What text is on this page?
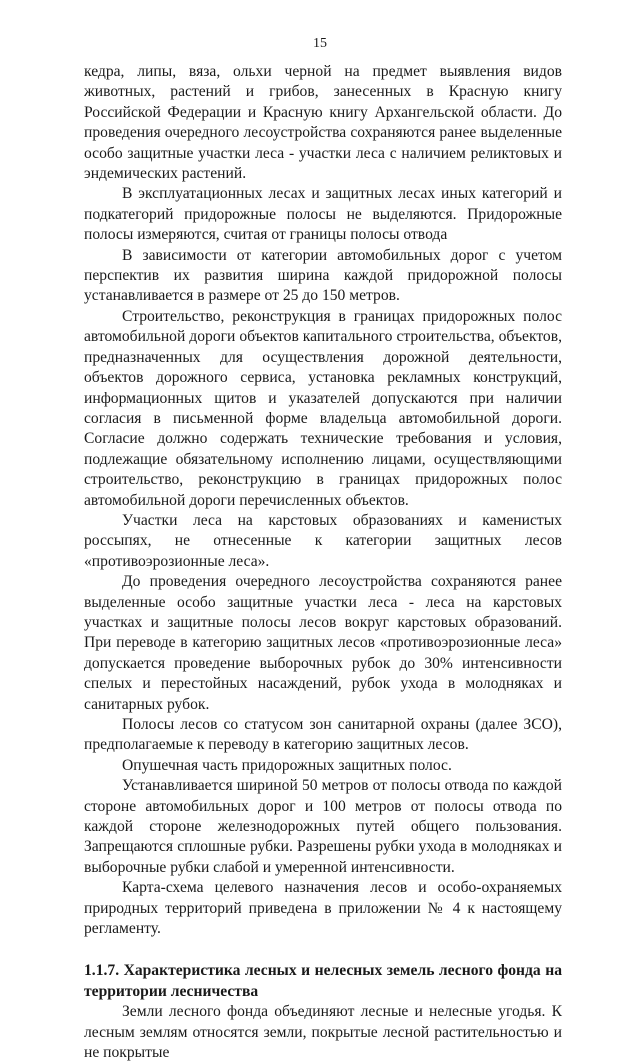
15

кедра, липы, вяза, ольхи черной на предмет выявления видов животных, растений и грибов, занесенных в Красную книгу Российской Федерации и Красную книгу Архангельской области. До проведения очередного лесоустройства сохраняются ранее выделенные особо защитные участки леса - участки леса с наличием реликтовых и эндемических растений.

В эксплуатационных лесах и защитных лесах иных категорий и подкатегорий придорожные полосы не выделяются. Придорожные полосы измеряются, считая от границы полосы отвода

В зависимости от категории автомобильных дорог с учетом перспектив их развития ширина каждой придорожной полосы устанавливается в размере от 25 до 150 метров.

Строительство, реконструкция в границах придорожных полос автомобильной дороги объектов капитального строительства, объектов, предназначенных для осуществления дорожной деятельности, объектов дорожного сервиса, установка рекламных конструкций, информационных щитов и указателей допускаются при наличии согласия в письменной форме владельца автомобильной дороги. Согласие должно содержать технические требования и условия, подлежащие обязательному исполнению лицами, осуществляющими строительство, реконструкцию в границах придорожных полос автомобильной дороги перечисленных объектов.

Участки леса на карстовых образованиях и каменистых россыпях, не отнесенные к категории защитных лесов «противоэрозионные леса».

До проведения очередного лесоустройства сохраняются ранее выделенные особо защитные участки леса - леса на карстовых участках и защитные полосы лесов вокруг карстовых образований. При переводе в категорию защитных лесов «противоэрозионные леса» допускается проведение выборочных рубок до 30% интенсивности спелых и перестойных насаждений, рубок ухода в молодняках и санитарных рубок.

Полосы лесов со статусом зон санитарной охраны (далее ЗСО), предполагаемые к переводу в категорию защитных лесов.

Опушечная часть придорожных защитных полос.

Устанавливается шириной 50 метров от полосы отвода по каждой стороне автомобильных дорог и 100 метров от полосы отвода по каждой стороне железнодорожных путей общего пользования. Запрещаются сплошные рубки. Разрешены рубки ухода в молодняках и выборочные рубки слабой и умеренной интенсивности.

Карта-схема целевого назначения лесов и особо-охраняемых природных территорий приведена в приложении № 4 к настоящему регламенту.

1.1.7. Характеристика лесных и нелесных земель лесного фонда на территории лесничества

Земли лесного фонда объединяют лесные и нелесные угодья. К лесным землям относятся земли, покрытые лесной растительностью и не покрытые
